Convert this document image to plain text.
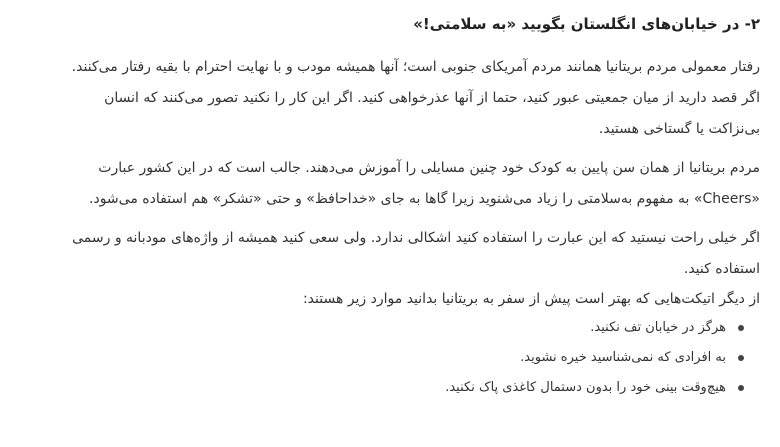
۲- در خیابان‌های انگلستان بگویید «به سلامتی!»

رفتار معمولی مردم بریتانیا همانند مردم آمریکای جنوبی است؛ آنها همیشه مودب و با نهایت احترام با بقیه رفتار می‌کنند.
اگر قصد دارید از میان جمعیتی عبور کنید، حتما از آنها عذرخواهی کنید. اگر این کار را نکنید تصور می‌کنند که انسان
بی‌نزاکت یا گستاخی هستید.

مردم بریتانیا از همان سن پایین به کودک خود چنین مسایلی را آموزش می‌دهند. جالب است که در این کشور عبارت
«Cheers» به مفهوم به‌سلامتی را زیاد می‌شنوید زیرا گاها به جای «خداحافظ» و حتی «تشکر» هم استفاده می‌شود.

اگر خیلی راحت نیستید که این عبارت را استفاده کنید اشکالی ندارد. ولی سعی کنید همیشه از واژه‌های مودبانه و رسمی
استفاده کنید.

از دیگر اتیکت‌هایی که بهتر است پیش از سفر به بریتانیا بدانید موارد زیر هستند:

هرگز در خیابان تف نکنید.
به افرادی که نمی‌شناسید خیره نشوید.
هیچ‌وقت بینی خود را بدون دستمال کاغذی پاک نکنید.
